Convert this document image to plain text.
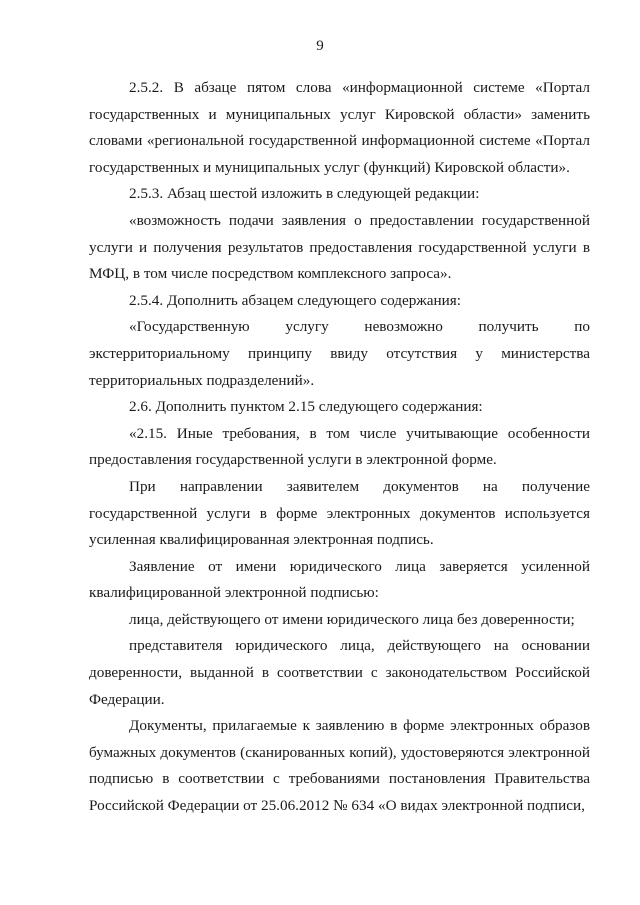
9

2.5.2. В абзаце пятом слова «информационной системе «Портал государственных и муниципальных услуг Кировской области» заменить словами «региональной государственной информационной системе «Портал государственных и муниципальных услуг (функций) Кировской области».

2.5.3. Абзац шестой изложить в следующей редакции:

«возможность подачи заявления о предоставлении государственной услуги и получения результатов предоставления государственной услуги в МФЦ, в том числе посредством комплексного запроса».

2.5.4. Дополнить абзацем следующего содержания:

«Государственную услугу невозможно получить по экстерриториальному принципу ввиду отсутствия у министерства территориальных подразделений».

2.6. Дополнить пунктом 2.15 следующего содержания:

«2.15. Иные требования, в том числе учитывающие особенности предоставления государственной услуги в электронной форме.

При направлении заявителем документов на получение государственной услуги в форме электронных документов используется усиленная квалифицированная электронная подпись.

Заявление от имени юридического лица заверяется усиленной квалифицированной электронной подписью:

лица, действующего от имени юридического лица без доверенности;

представителя юридического лица, действующего на основании доверенности, выданной в соответствии с законодательством Российской Федерации.

Документы, прилагаемые к заявлению в форме электронных образов бумажных документов (сканированных копий), удостоверяются электронной подписью в соответствии с требованиями постановления Правительства Российской Федерации от 25.06.2012 № 634 «О видах электронной подписи,
